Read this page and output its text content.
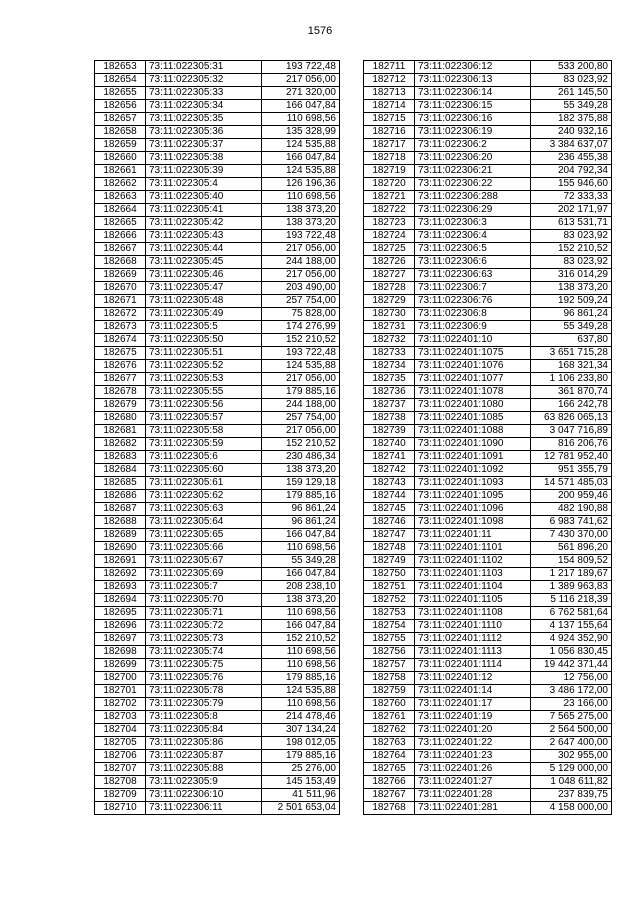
1576
182653	73:11:022305:31	193 722,48
182654	73:11:022305:32	217 056,00
182655	73:11:022305:33	271 320,00
182656	73:11:022305:34	166 047,84
182657	73:11:022305:35	110 698,56
182658	73:11:022305:36	135 328,99
182659	73:11:022305:37	124 535,88
182660	73:11:022305:38	166 047,84
182661	73:11:022305:39	124 535,88
182662	73:11:022305:4	126 196,36
182663	73:11:022305:40	110 698,56
182664	73:11:022305:41	138 373,20
182665	73:11:022305:42	138 373,20
182666	73:11:022305:43	193 722,48
182667	73:11:022305:44	217 056,00
182668	73:11:022305:45	244 188,00
182669	73:11:022305:46	217 056,00
182670	73:11:022305:47	203 490,00
182671	73:11:022305:48	257 754,00
182672	73:11:022305:49	75 828,00
182673	73:11:022305:5	174 276,99
182674	73:11:022305:50	152 210,52
182675	73:11:022305:51	193 722,48
182676	73:11:022305:52	124 535,88
182677	73:11:022305:53	217 056,00
182678	73:11:022305:55	179 885,16
182679	73:11:022305:56	244 188,00
182680	73:11:022305:57	257 754,00
182681	73:11:022305:58	217 056,00
182682	73:11:022305:59	152 210,52
182683	73:11:022305:6	230 486,34
182684	73:11:022305:60	138 373,20
182685	73:11:022305:61	159 129,18
182686	73:11:022305:62	179 885,16
182687	73:11:022305:63	96 861,24
182688	73:11:022305:64	96 861,24
182689	73:11:022305:65	166 047,84
182690	73:11:022305:66	110 698,56
182691	73:11:022305:67	55 349,28
182692	73:11:022305:69	166 047,84
182693	73:11:022305:7	208 238,10
182694	73:11:022305:70	138 373,20
182695	73:11:022305:71	110 698,56
182696	73:11:022305:72	166 047,84
182697	73:11:022305:73	152 210,52
182698	73:11:022305:74	110 698,56
182699	73:11:022305:75	110 698,56
182700	73:11:022305:76	179 885,16
182701	73:11:022305:78	124 535,88
182702	73:11:022305:79	110 698,56
182703	73:11:022305:8	214 478,46
182704	73:11:022305:84	307 134,24
182705	73:11:022305:86	198 012,05
182706	73:11:022305:87	179 885,16
182707	73:11:022305:88	25 276,00
182708	73:11:022305:9	145 153,49
182709	73:11:022306:10	41 511,96
182710	73:11:022306:11	2 501 653,04
182711	73:11:022306:12	533 200,80
182712	73:11:022306:13	83 023,92
182713	73:11:022306:14	261 145,50
182714	73:11:022306:15	55 349,28
182715	73:11:022306:16	182 375,88
182716	73:11:022306:19	240 932,16
182717	73:11:022306:2	3 384 637,07
182718	73:11:022306:20	236 455,38
182719	73:11:022306:21	204 792,34
182720	73:11:022306:22	155 946,60
182721	73:11:022306:288	72 333,33
182722	73:11:022306:29	202 171,97
182723	73:11:022306:3	613 531,71
182724	73:11:022306:4	83 023,92
182725	73:11:022306:5	152 210,52
182726	73:11:022306:6	83 023,92
182727	73:11:022306:63	316 014,29
182728	73:11:022306:7	138 373,20
182729	73:11:022306:76	192 509,24
182730	73:11:022306:8	96 861,24
182731	73:11:022306:9	55 349,28
182732	73:11:022401:10	637,80
182733	73:11:022401:1075	3 651 715,28
182734	73:11:022401:1076	168 321,34
182735	73:11:022401:1077	1 106 233,80
182736	73:11:022401:1078	361 870,74
182737	73:11:022401:1080	166 242,78
182738	73:11:022401:1085	63 826 065,13
182739	73:11:022401:1088	3 047 716,89
182740	73:11:022401:1090	816 206,76
182741	73:11:022401:1091	12 781 952,40
182742	73:11:022401:1092	951 355,79
182743	73:11:022401:1093	14 571 485,03
182744	73:11:022401:1095	200 959,46
182745	73:11:022401:1096	482 190,88
182746	73:11:022401:1098	6 983 741,62
182747	73:11:022401:11	7 430 370,00
182748	73:11:022401:1101	561 896,20
182749	73:11:022401:1102	154 809,52
182750	73:11:022401:1103	1 217 189,67
182751	73:11:022401:1104	1 389 963,83
182752	73:11:022401:1105	5 116 218,39
182753	73:11:022401:1108	6 762 581,64
182754	73:11:022401:1110	4 137 155,64
182755	73:11:022401:1112	4 924 352,90
182756	73:11:022401:1113	1 056 830,45
182757	73:11:022401:1114	19 442 371,44
182758	73:11:022401:12	12 756,00
182759	73:11:022401:14	3 486 172,00
182760	73:11:022401:17	23 166,00
182761	73:11:022401:19	7 565 275,00
182762	73:11:022401:20	2 564 500,00
182763	73:11:022401:22	2 647 400,00
182764	73:11:022401:23	302 955,00
182765	73:11:022401:26	5 129 000,00
182766	73:11:022401:27	1 048 611,82
182767	73:11:022401:28	237 839,75
182768	73:11:022401:281	4 158 000,00
